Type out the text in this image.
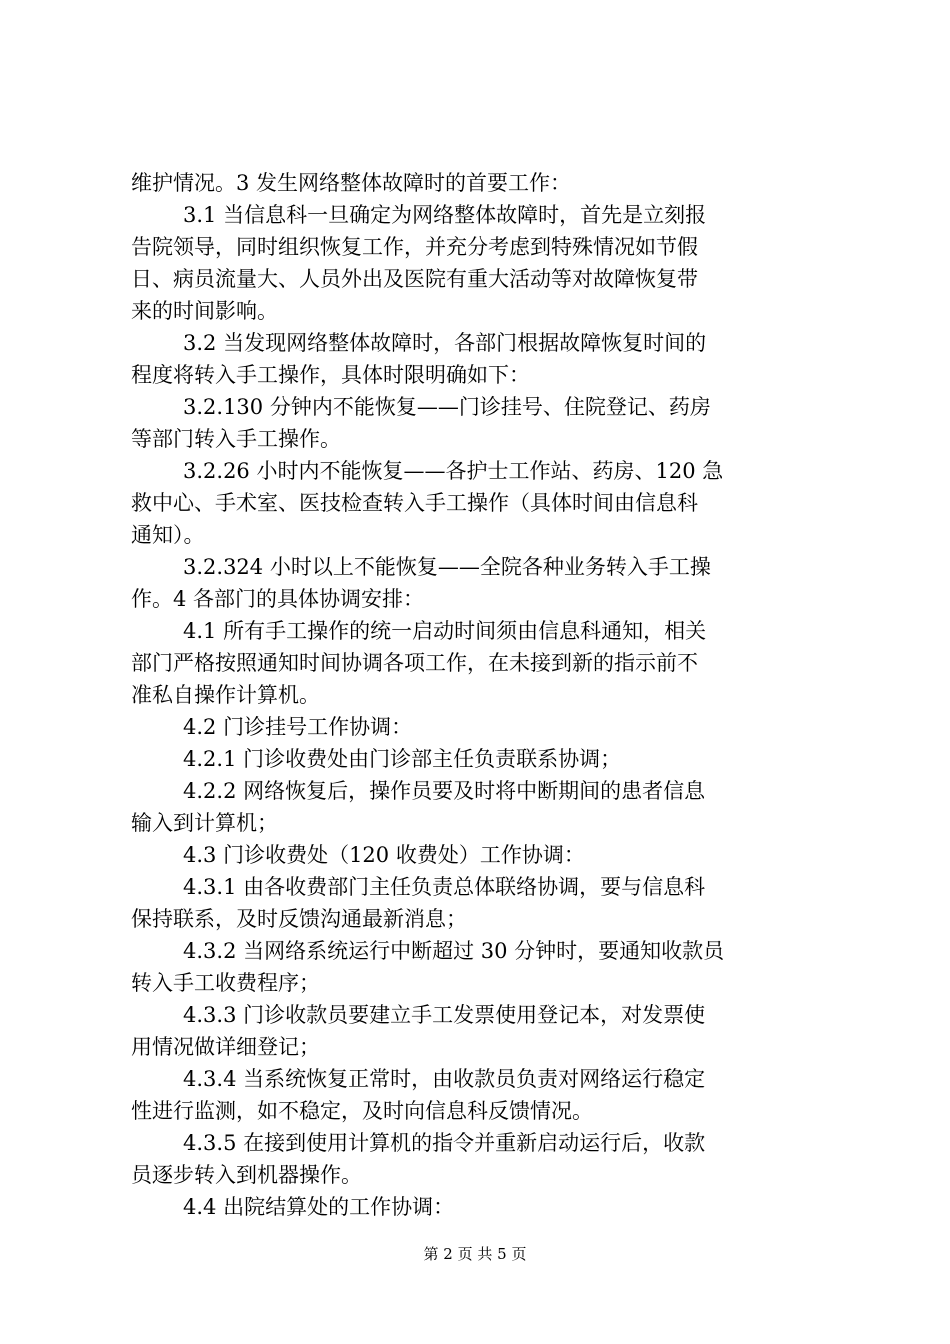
维护情况。3 发生网络整体故障时的首要工作：
3.1 当信息科一旦确定为网络整体故障时，首先是立刻报
告院领导，同时组织恢复工作，并充分考虑到特殊情况如节假
日、病员流量大、人员外出及医院有重大活动等对故障恢复带
来的时间影响。
3.2 当发现网络整体故障时，各部门根据故障恢复时间的
程度将转入手工操作，具体时限明确如下：
3.2.130 分钟内不能恢复——门诊挂号、住院登记、药房
等部门转入手工操作。
3.2.26 小时内不能恢复——各护士工作站、药房、120 急
救中心、手术室、医技检查转入手工操作（具体时间由信息科
通知）。
3.2.324 小时以上不能恢复——全院各种业务转入手工操
作。4 各部门的具体协调安排：
4.1 所有手工操作的统一启动时间须由信息科通知，相关
部门严格按照通知时间协调各项工作，在未接到新的指示前不
准私自操作计算机。
4.2 门诊挂号工作协调：
4.2.1 门诊收费处由门诊部主任负责联系协调；
4.2.2 网络恢复后，操作员要及时将中断期间的患者信息
输入到计算机；
4.3 门诊收费处（120 收费处）工作协调：
4.3.1 由各收费部门主任负责总体联络协调，要与信息科
保持联系，及时反馈沟通最新消息；
4.3.2 当网络系统运行中断超过 30 分钟时，要通知收款员
转入手工收费程序；
4.3.3 门诊收款员要建立手工发票使用登记本，对发票使
用情况做详细登记；
4.3.4 当系统恢复正常时，由收款员负责对网络运行稳定
性进行监测，如不稳定，及时向信息科反馈情况。
4.3.5 在接到使用计算机的指令并重新启动运行后，收款
员逐步转入到机器操作。
4.4 出院结算处的工作协调：
第 2 页 共 5 页
